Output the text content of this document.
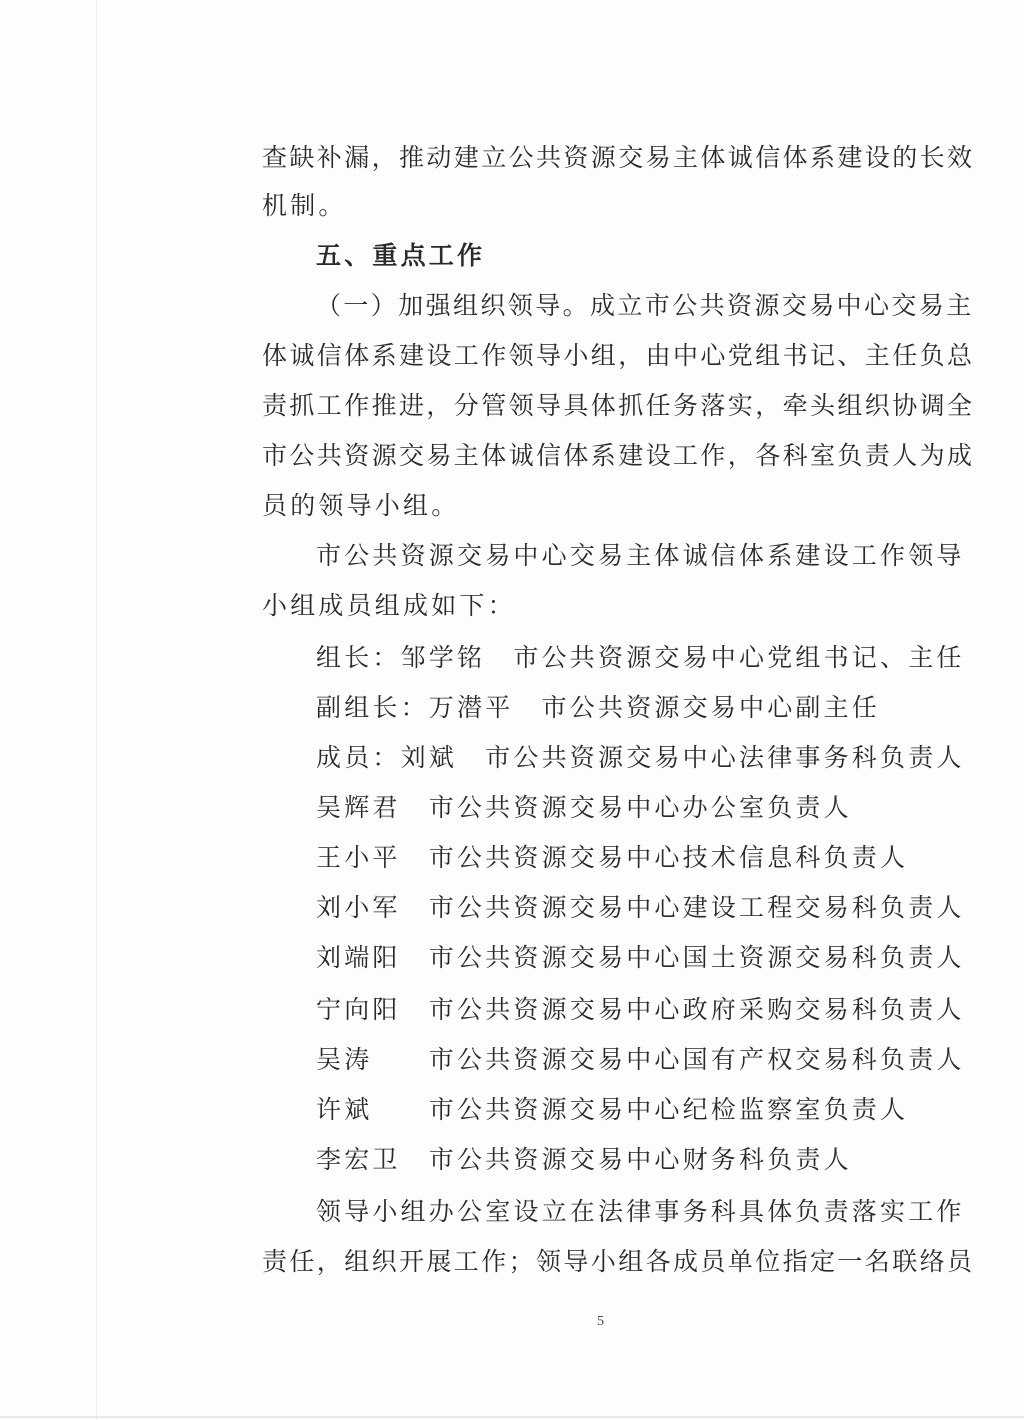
查缺补漏，推动建立公共资源交易主体诚信体系建设的长效
机制。
五、重点工作
（一）加强组织领导。成立市公共资源交易中心交易主
体诚信体系建设工作领导小组，由中心党组书记、主任负总
责抓工作推进，分管领导具体抓任务落实，牵头组织协调全
市公共资源交易主体诚信体系建设工作，各科室负责人为成
员的领导小组。
市公共资源交易中心交易主体诚信体系建设工作领导
小组成员组成如下：
组长：邹学铭　市公共资源交易中心党组书记、主任
副组长：万潜平　市公共资源交易中心副主任
成员：刘斌　市公共资源交易中心法律事务科负责人
吴辉君　市公共资源交易中心办公室负责人
王小平　市公共资源交易中心技术信息科负责人
刘小军　市公共资源交易中心建设工程交易科负责人
刘端阳　市公共资源交易中心国土资源交易科负责人
宁向阳　市公共资源交易中心政府采购交易科负责人
吴涛　　市公共资源交易中心国有产权交易科负责人
许斌　　市公共资源交易中心纪检监察室负责人
李宏卫　市公共资源交易中心财务科负责人
领导小组办公室设立在法律事务科具体负责落实工作
责任，组织开展工作；领导小组各成员单位指定一名联络员
5
